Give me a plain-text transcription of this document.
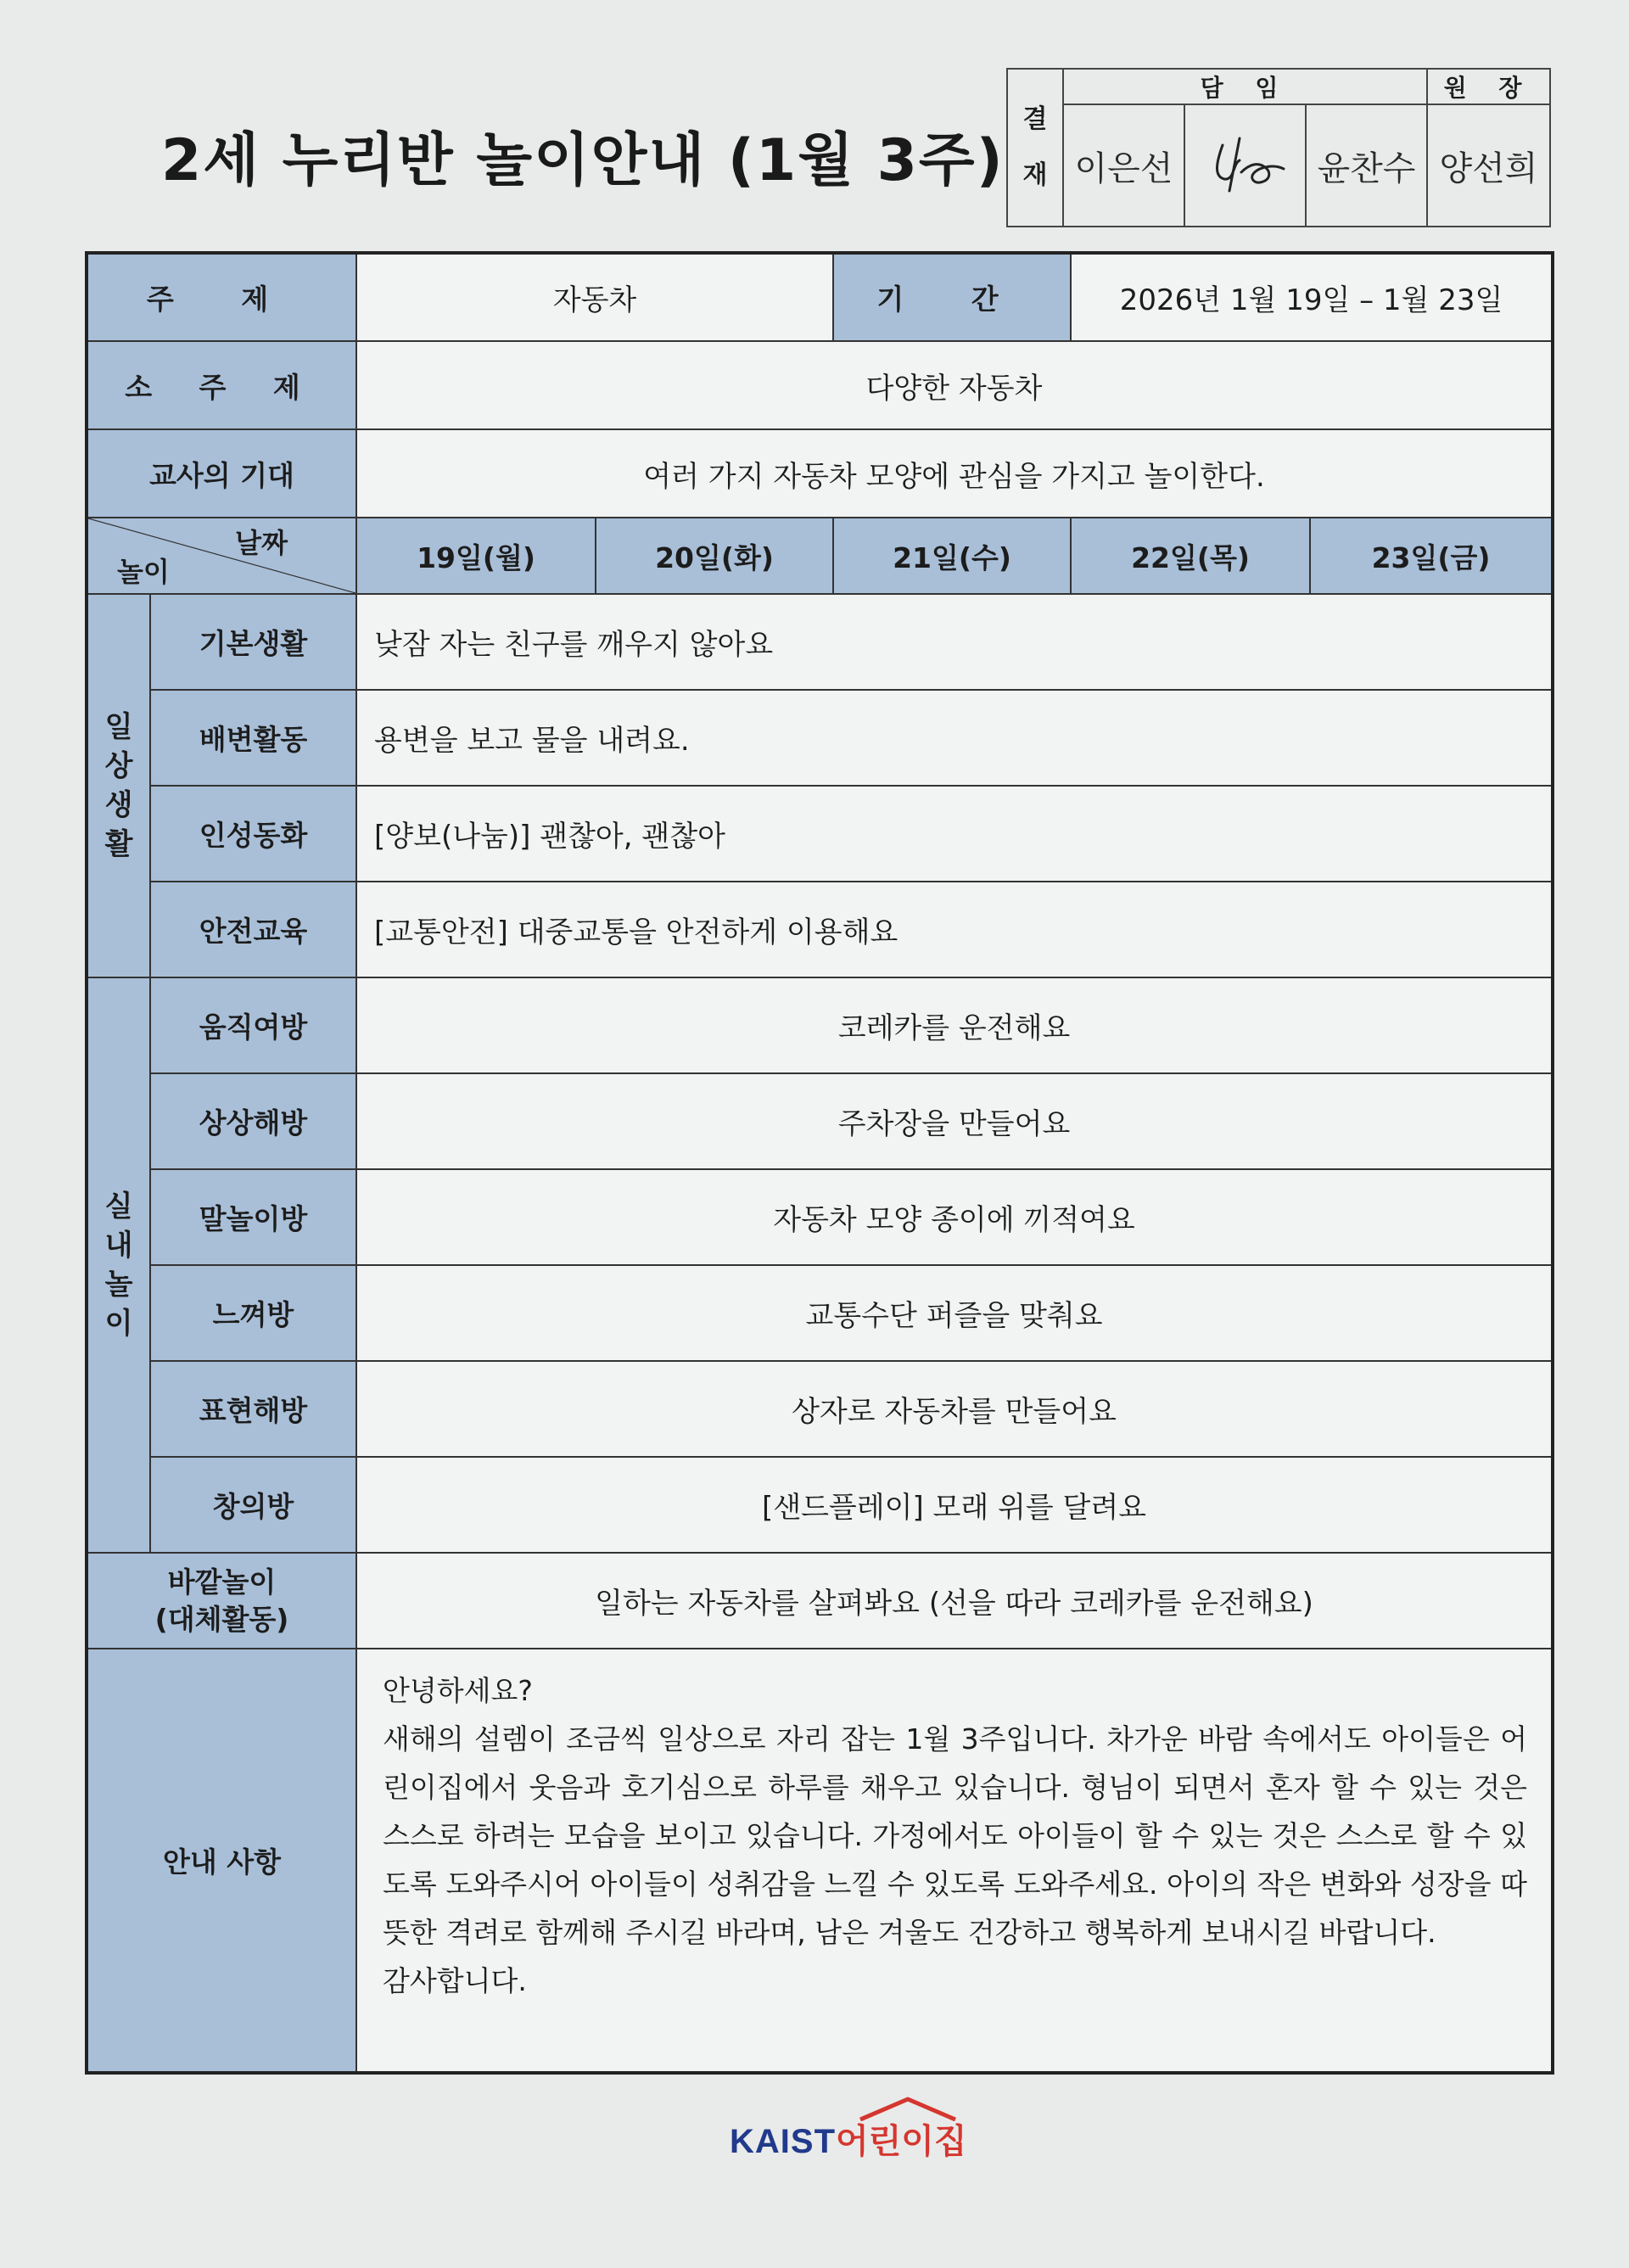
2세 누리반 놀이안내 (1월 3주)
결
재	담 임			원 장
	이은선		윤찬수	양선희
주 제		자동차		기 간	2026년 1월 19일 – 1월 23일	
소 주 제		다양한 자동차				
교사의 기대		여러 가지 자동차 모양에 관심을 가지고 놀이한다.				

날짜
놀이		19일(월)	20일(화)	21일(수)	22일(목)	23일(금)

일
상
생
활	기본생활	낮잠 자는 친구를 깨우지 않아요				
	배변활동	용변을 보고 물을 내려요.				
	인성동화	[양보(나눔)] 괜찮아, 괜찮아				
	안전교육	[교통안전] 대중교통을 안전하게 이용해요				

실
내
놀
이	움직여방	코레카를 운전해요				
	상상해방	주차장을 만들어요				
	말놀이방	자동차 모양 종이에 끼적여요				
	느껴방	교통수단 퍼즐을 맞춰요				
	표현해방	상자로 자동차를 만들어요				
	창의방	[샌드플레이] 모래 위를 달려요				

바깥놀이
(대체활동)		일하는 자동차를 살펴봐요 (선을 따라 코레카를 운전해요)				
안내 사항		안녕하세요?

새해의 설렘이 조금씩 일상으로 자리 잡는 1월 3주입니다. 차가운 바람 속에서도 아이들은 어린이집에서 웃음과 호기심으로 하루를 채우고 있습니다. 형님이 되면서 혼자 할 수 있는 것은 스스로 하려는 모습을 보이고 있습니다. 가정에서도 아이들이 할 수 있는 것은 스스로 할 수 있도록 도와주시어 아이들이 성취감을 느낄 수 있도록 도와주세요. 아이의 작은 변화와 성장을 따뜻한 격려로 함께해 주시길 바라며, 남은 겨울도 건강하고 행복하게 보내시길 바랍니다.

감사합니다.				

KAIST어린이집
